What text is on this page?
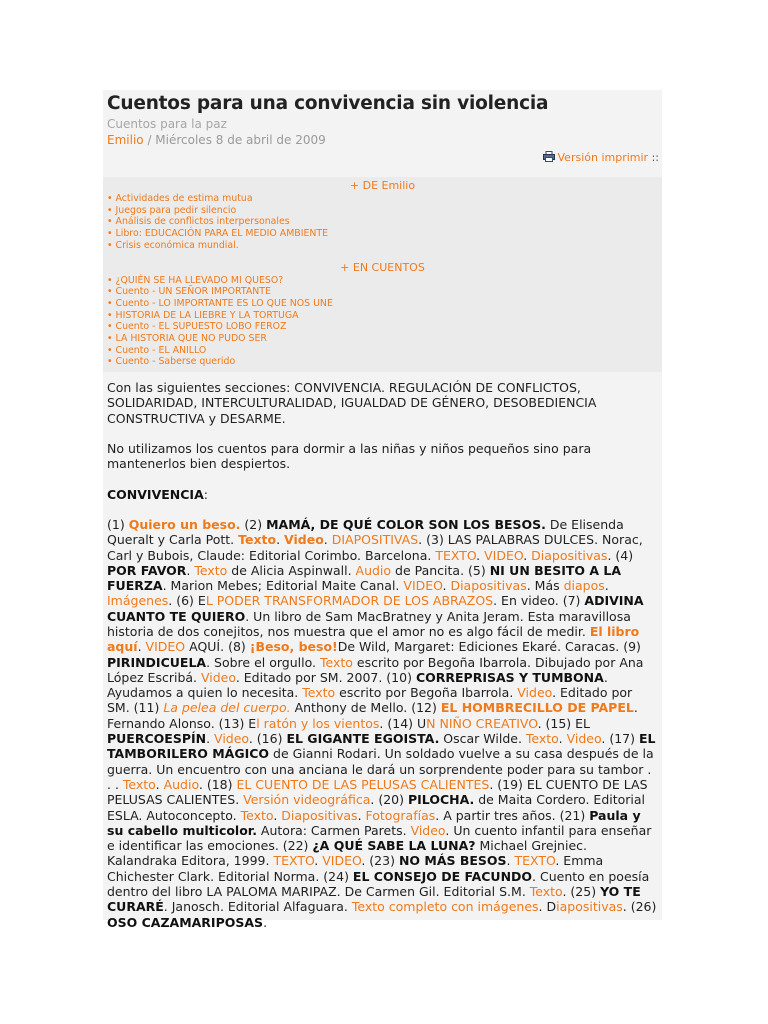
Cuentos para una convivencia sin violencia
Cuentos para la paz
Emilio / Miércoles 8 de abril de 2009
Versión imprimir ::
+ DE Emilio
• Actividades de estima mutua
• Juegos para pedir silencio
• Análisis de conflictos interpersonales
• Libro: EDUCACIÓN PARA EL MEDIO AMBIENTE
• Crisis económica mundial.
+ EN CUENTOS
• ¿QUIÉN SE HA LLEVADO MI QUESO?
• Cuento - UN SEÑOR IMPORTANTE
• Cuento - LO IMPORTANTE ES LO QUE NOS UNE
• HISTORIA DE LA LIEBRE Y LA TORTUGA
• Cuento - EL SUPUESTO LOBO FEROZ
• LA HISTORIA QUE NO PUDO SER
• Cuento - EL ANILLO
• Cuento - Saberse querido

Con las siguientes secciones: CONVIVENCIA. REGULACIÓN DE CONFLICTOS, SOLIDARIDAD, INTERCULTURALIDAD, IGUALDAD DE GÉNERO, DESOBEDIENCIA CONSTRUCTIVA y DESARME.

No utilizamos los cuentos para dormir a las niñas y niños pequeños sino para mantenerlos bien despiertos.

CONVIVENCIA:

(1) Quiero un beso. (2) MAMÁ, DE QUÉ COLOR SON LOS BESOS. De Elisenda Queralt y Carla Pott. Texto. Video. DIAPOSITIVAS. (3) LAS PALABRAS DULCES. Norac, Carl y Bubois, Claude: Editorial Corimbo. Barcelona. TEXTO. VIDEO. Diapositivas. (4) POR FAVOR. Texto de Alicia Aspinwall. Audio de Pancita. (5) NI UN BESITO A LA FUERZA. Marion Mebes; Editorial Maite Canal. VIDEO. Diapositivas. Más diapos. Imágenes. (6) EL PODER TRANSFORMADOR DE LOS ABRAZOS. En video. (7) ADIVINA CUANTO TE QUIERO. Un libro de Sam MacBratney y Anita Jeram. Esta maravillosa historia de dos conejitos, nos muestra que el amor no es algo fácil de medir. El libro aquí. VIDEO AQUÍ. (8) ¡Beso, beso!De Wild, Margaret: Ediciones Ekaré. Caracas. (9) PIRINDICUELA. Sobre el orgullo. Texto escrito por Begoña Ibarrola. Dibujado por Ana López Escribá. Video. Editado por SM. 2007. (10) CORREPRISAS Y TUMBONA. Ayudamos a quien lo necesita. Texto escrito por Begoña Ibarrola. Video. Editado por SM. (11) La pelea del cuerpo. Anthony de Mello. (12) EL HOMBRECILLO DE PAPEL. Fernando Alonso. (13) El ratón y los vientos. (14) UN NIÑO CREATIVO. (15) EL PUERCOESPÍN. Video. (16) EL GIGANTE EGOISTA. Oscar Wilde. Texto. Video. (17) EL TAMBORILERO MÁGICO de Gianni Rodari. Un soldado vuelve a su casa después de la guerra. Un encuentro con una anciana le dará un sorprendente poder para su tambor . . . Texto. Audio. (18) EL CUENTO DE LAS PELUSAS CALIENTES. (19) EL CUENTO DE LAS PELUSAS CALIENTES. Versión videográfica. (20) PILOCHA. de Maita Cordero. Editorial ESLA. Autoconcepto. Texto. Diapositivas. Fotografías. A partir tres años. (21) Paula y su cabello multicolor. Autora: Carmen Parets. Video. Un cuento infantil para enseñar e identificar las emociones. (22) ¿A QUÉ SABE LA LUNA? Michael Grejniec. Kalandraka Editora, 1999. TEXTO. VIDEO. (23) NO MÁS BESOS. TEXTO. Emma Chichester Clark. Editorial Norma. (24) EL CONSEJO DE FACUNDO. Cuento en poesía dentro del libro LA PALOMA MARIPAZ. De Carmen Gil. Editorial S.M. Texto. (25) YO TE CURARÉ. Janosch. Editorial Alfaguara. Texto completo con imágenes. Diapositivas. (26) OSO CAZAMARIPOSAS.
